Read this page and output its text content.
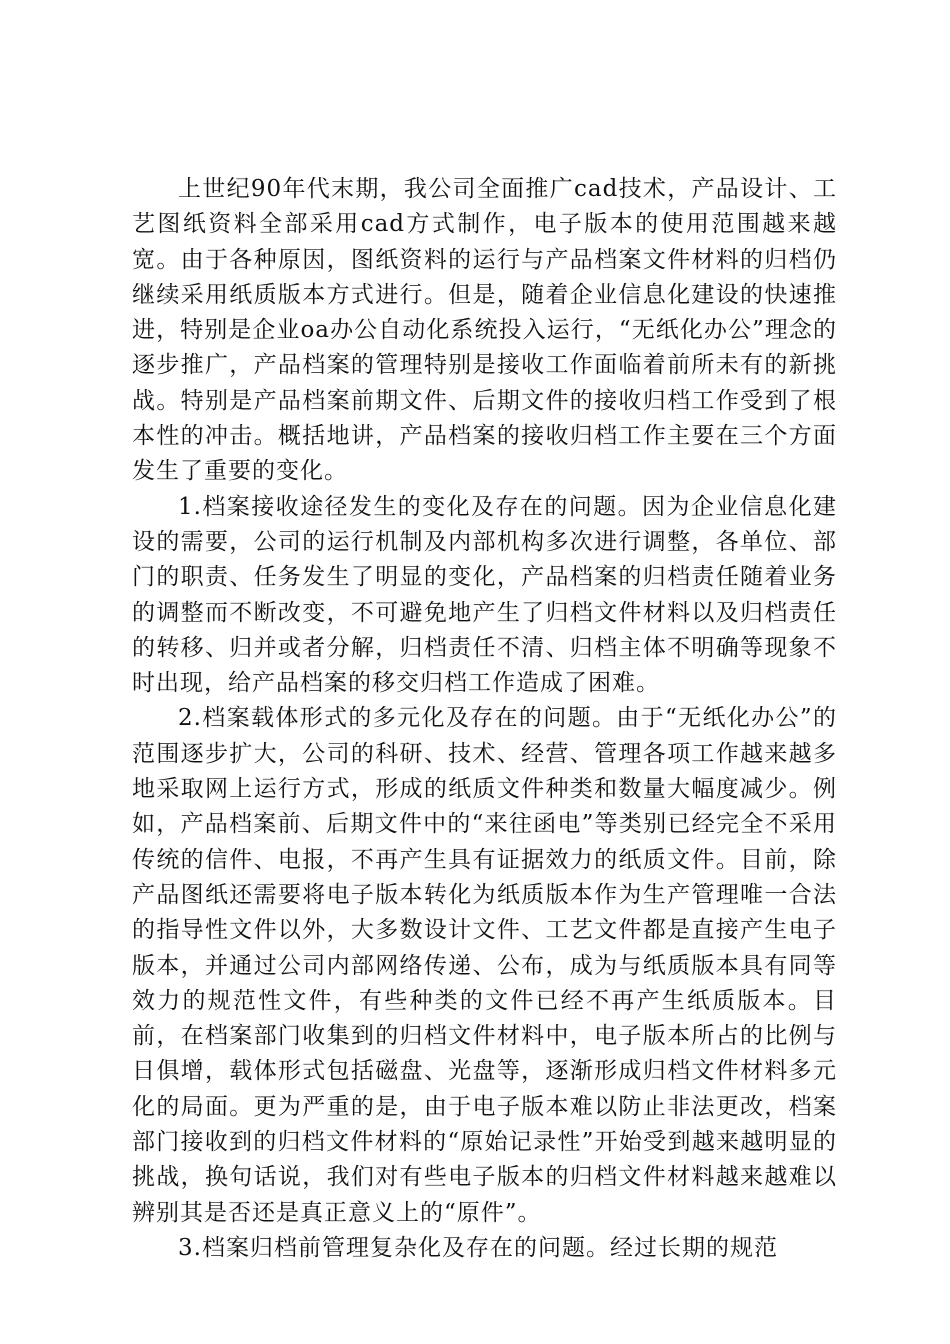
上世纪90年代末期，我公司全面推广cad技术，产品设计、工艺图纸资料全部采用cad方式制作，电子版本的使用范围越来越宽。由于各种原因，图纸资料的运行与产品档案文件材料的归档仍继续采用纸质版本方式进行。但是，随着企业信息化建设的快速推进，特别是企业oa办公自动化系统投入运行，“无纸化办公”理念的逐步推广，产品档案的管理特别是接收工作面临着前所未有的新挑战。特别是产品档案前期文件、后期文件的接收归档工作受到了根本性的冲击。概括地讲，产品档案的接收归档工作主要在三个方面发生了重要的变化。

1.档案接收途径发生的变化及存在的问题。因为企业信息化建设的需要，公司的运行机制及内部机构多次进行调整，各单位、部门的职责、任务发生了明显的变化，产品档案的归档责任随着业务的调整而不断改变，不可避免地产生了归档文件材料以及归档责任的转移、归并或者分解，归档责任不清、归档主体不明确等现象不时出现，给产品档案的移交归档工作造成了困难。

2.档案载体形式的多元化及存在的问题。由于“无纸化办公”的范围逐步扩大，公司的科研、技术、经营、管理各项工作越来越多地采取网上运行方式，形成的纸质文件种类和数量大幅度减少。例如，产品档案前、后期文件中的“来往函电”等类别已经完全不采用传统的信件、电报，不再产生具有证据效力的纸质文件。目前，除产品图纸还需要将电子版本转化为纸质版本作为生产管理唯一合法的指导性文件以外，大多数设计文件、工艺文件都是直接产生电子版本，并通过公司内部网络传递、公布，成为与纸质版本具有同等效力的规范性文件，有些种类的文件已经不再产生纸质版本。目前，在档案部门收集到的归档文件材料中，电子版本所占的比例与日俱增，载体形式包括磁盘、光盘等，逐渐形成归档文件材料多元化的局面。更为严重的是，由于电子版本难以防止非法更改，档案部门接收到的归档文件材料的“原始记录性”开始受到越来越明显的挑战，换句话说，我们对有些电子版本的归档文件材料越来越难以辨别其是否还是真正意义上的“原件”。

3.档案归档前管理复杂化及存在的问题。经过长期的规范
